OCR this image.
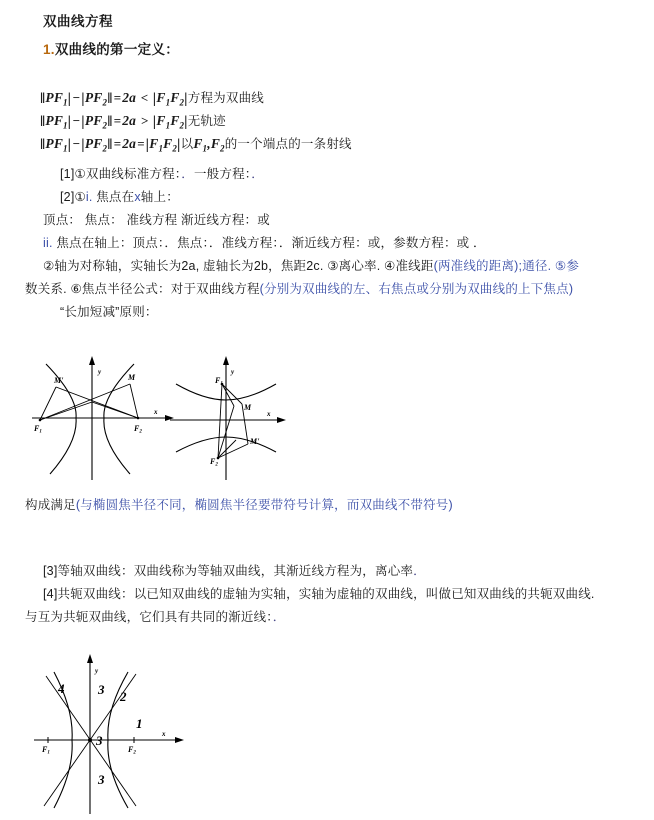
双曲线方程
1.双曲线的第一定义：
$‖PF_1|-|PF_2‖=2a < |F_1F_2|$方程为双曲线
$‖PF_1|-|PF_2‖=2a > |F_1F_2|$无轨迹
$‖PF_1|-|PF_2‖=2a=|F_1F_2|$以$F_1,F_2$的一个端点的一条射线
[1]①双曲线标准方程：．一般方程：．
[2]①i. 焦点在x轴上：
顶点： 焦点： 准线方程 渐近线方程：或
ii. 焦点在轴上：顶点：．焦点：．准线方程：．渐近线方程：或，参数方程：或 ．
②轴为对称轴，实轴长为2a, 虚轴长为2b，焦距2c. ③离心率. ④准线距(两准线的距离);通径. ⑤参
数关系. ⑥焦点半径公式：对于双曲线方程(分别为双曲线的左、右焦点或分别为双曲线的上下焦点)
“长加短减”原则：
y
x
F1	F2
M'	M
y
x
F1
F2
M
M'
构成满足(与椭圆焦半径不同，椭圆焦半径要带符号计算，而双曲线不带符号)
[3]等轴双曲线：双曲线称为等轴双曲线，其渐近线方程为，离心率．
[4]共轭双曲线：以已知双曲线的虚轴为实轴，实轴为虚轴的双曲线，叫做已知双曲线的共轭双曲线.
与互为共轭双曲线，它们具有共同的渐近线：．
y
x
F1	F2
1
2
3
3
3
4
